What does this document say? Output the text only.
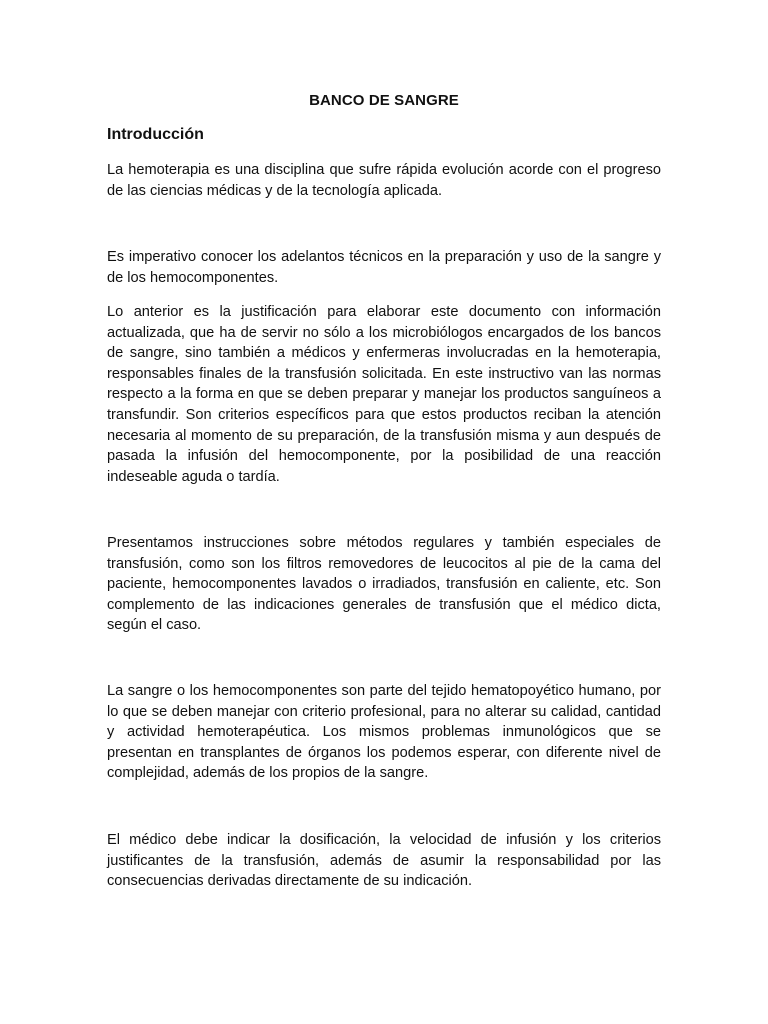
BANCO DE SANGRE
Introducción

La hemoterapia es una disciplina que sufre rápida evolución acorde con el progreso de las ciencias médicas y de la tecnología aplicada.

Es imperativo conocer los adelantos técnicos en la preparación y uso de la sangre y de los hemocomponentes.

Lo anterior es la justificación para elaborar este documento con información actualizada, que ha de servir no sólo a los microbiólogos encargados de los bancos de sangre, sino también a médicos y enfermeras involucradas en la hemoterapia, responsables finales de la transfusión solicitada. En este instructivo van las normas respecto a la forma en que se deben preparar y manejar los productos sanguíneos a transfundir. Son criterios específicos para que estos productos reciban la atención necesaria al momento de su preparación, de la transfusión misma y aun después de pasada la infusión del hemocomponente, por la posibilidad de una reacción indeseable aguda o tardía.

Presentamos instrucciones sobre métodos regulares y también especiales de transfusión, como son los filtros removedores de leucocitos al pie de la cama del paciente, hemocomponentes lavados o irradiados, transfusión en caliente, etc. Son complemento de las indicaciones generales de transfusión que el médico dicta, según el caso.

La sangre o los hemocomponentes son parte del tejido hematopoyético humano, por lo que se deben manejar con criterio profesional, para no alterar su calidad, cantidad y actividad hemoterapéutica. Los mismos problemas inmunológicos que se presentan en transplantes de órganos los podemos esperar, con diferente nivel de complejidad, además de los propios de la sangre.

El médico debe indicar la dosificación, la velocidad de infusión y los criterios justificantes de la transfusión, además de asumir la responsabilidad por las consecuencias derivadas directamente de su indicación.
